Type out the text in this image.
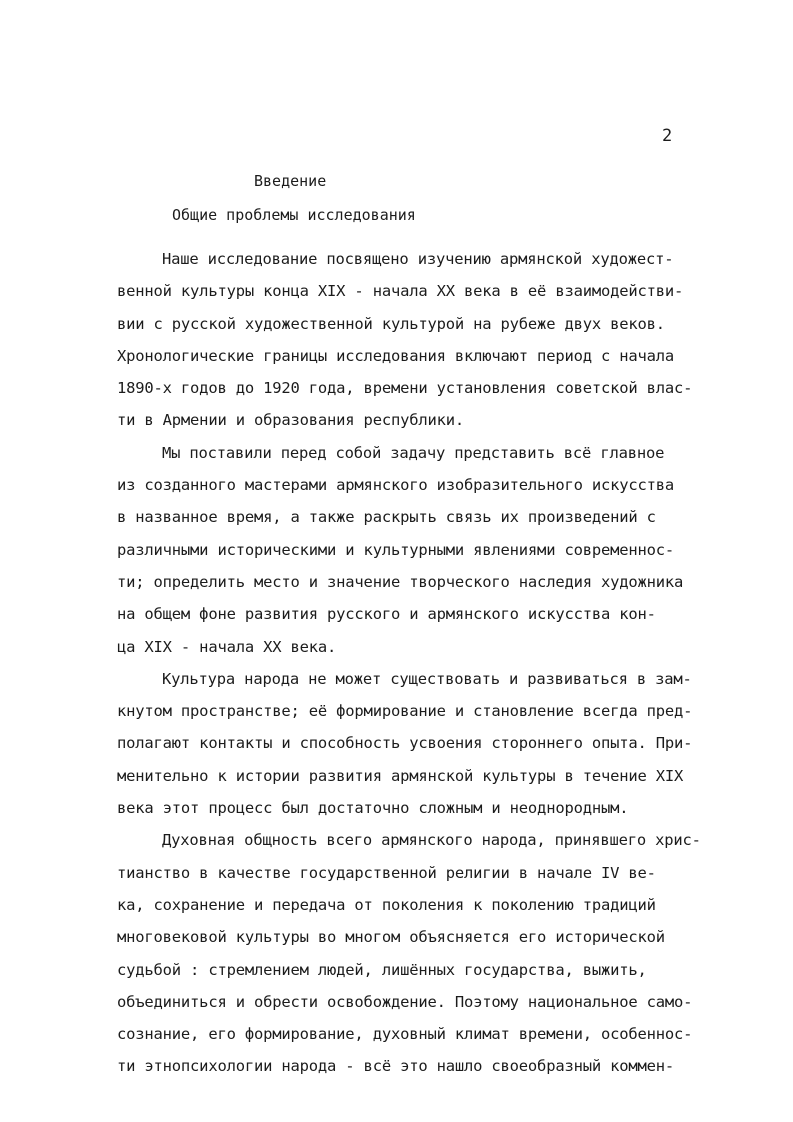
2
Введение
Общие проблемы исследования
Наше исследование посвящено изучению армянской художест-
венной культуры конца XIX - начала XX века в её взаимодействи-
вии с русской художественной культурой на рубеже двух веков.
Хронологические границы исследования включают период с начала
1890-х годов до 1920 года, времени установления советской влас-
ти в Армении и образования республики.
Мы поставили перед собой задачу представить всё главное
из созданного мастерами армянского изобразительного искусства
в названное время, а также раскрыть связь их произведений с
различными историческими и культурными явлениями современнос-
ти; определить место и значение творческого наследия художника
на общем фоне развития русского и армянского искусства кон-
ца XIX - начала XX века.
Культура народа не может существовать и развиваться в зам-
кнутом пространстве; её формирование и становление всегда пред-
полагают контакты и способность усвоения стороннего опыта. При-
менительно к истории развития армянской культуры в течение XIX
века этот процесс был достаточно сложным и неоднородным.
Духовная общность всего армянского народа, принявшего хрис-
тианство в качестве государственной религии в начале IV ве-
ка, сохранение и передача от поколения к поколению традиций
многовековой культуры во многом объясняется его исторической
судьбой : стремлением людей, лишённых государства, выжить,
объединиться и обрести освобождение. Поэтому национальное само-
сознание, его формирование, духовный климат времени, особеннос-
ти этнопсихологии народа - всё это нашло своеобразный коммен-
